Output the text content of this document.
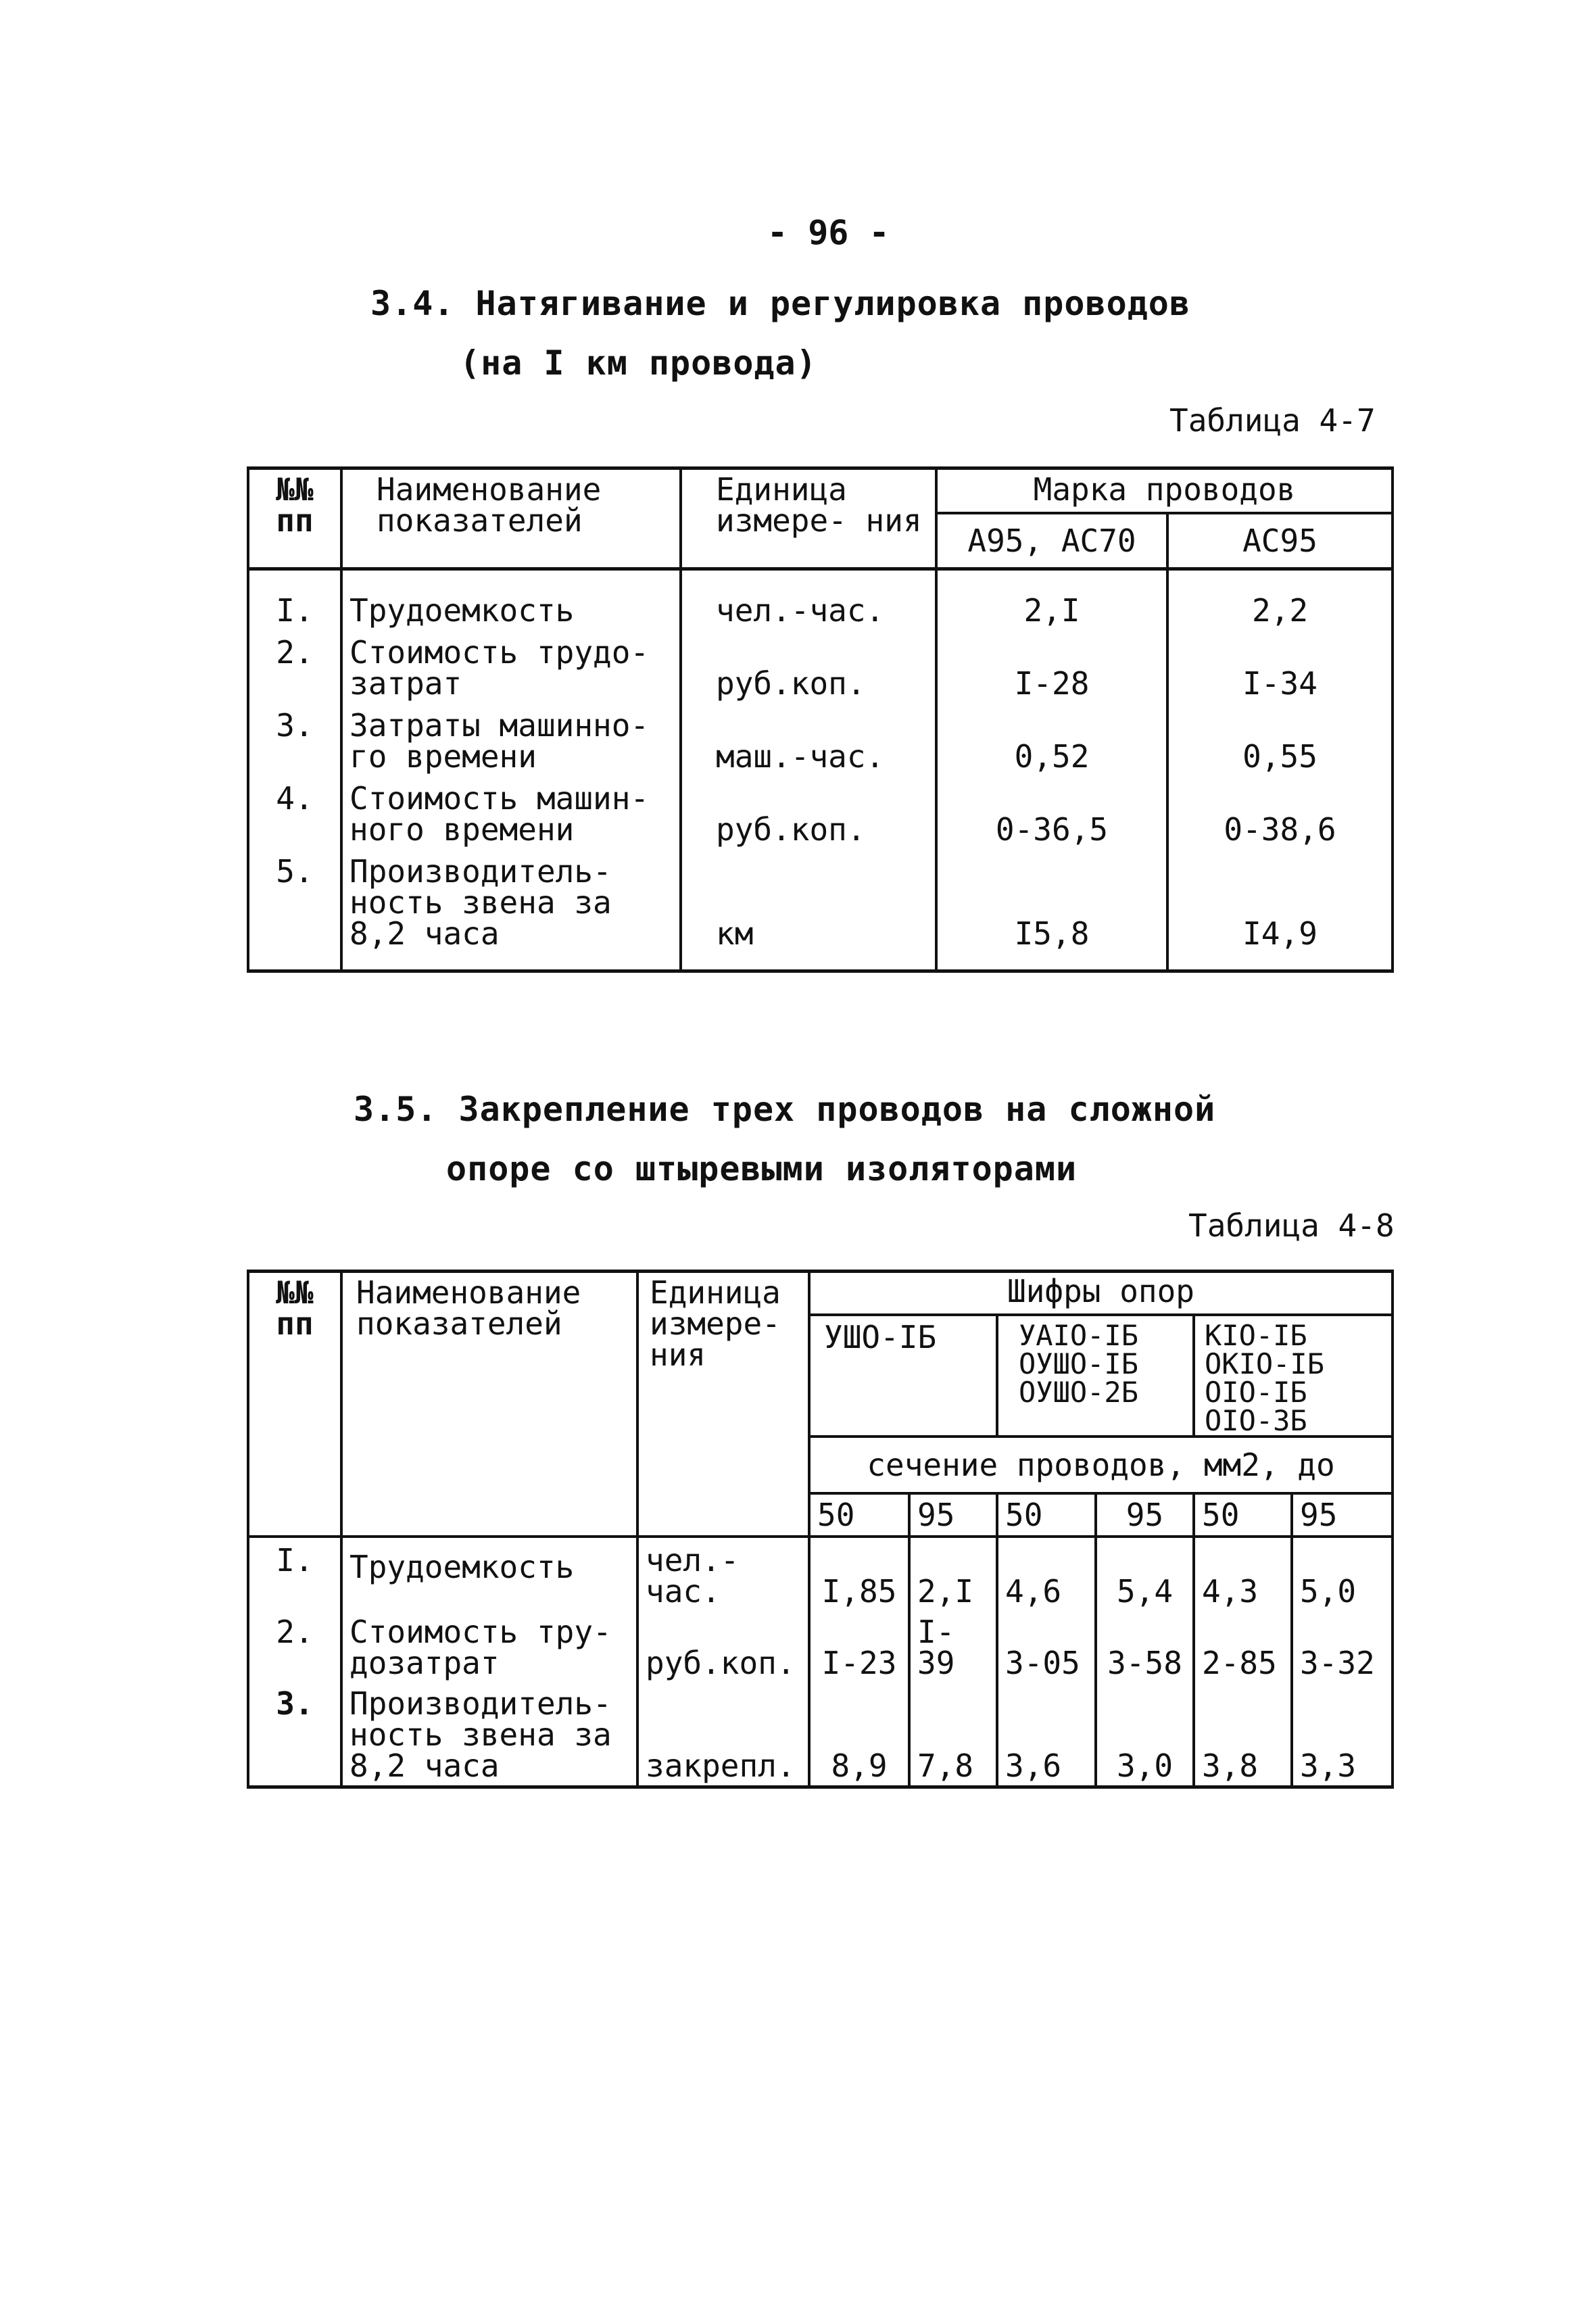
- 96 -
3.4. Натягивание и регулировка проводов
(на I км провода)
Таблица 4-7
№№ пп	Наименование показателей	Единица измере- ния	Марка проводов	
			А95, АС70	АС95

I.	Трудоемкость	чел.-час.	2,I	2,2
2.	Стоимость трудо- затрат	руб.коп.	I-28	I-34
3.	Затраты машинно- го времени	маш.-час.	0,52	0,55
4.	Стоимость машин- ного времени	руб.коп.	0-36,5	0-38,6
5.	Производитель- ность звена за 8,2 часа	км	I5,8	I4,9
3.5. Закрепление трех проводов на сложной
опоре со штыревыми изоляторами
Таблица 4-8
№№ пп	Наименование показателей	Единица измере- ния	Шифры опор					
			УШО-IБ		УАIО-IБ ОУШО-IБ ОУШО-2Б		КIО-IБ ОКIО-IБ ОIО-IБ ОIО-3Б	
			сечение проводов, мм2, до					
			50	95	50	95	50	95
I.	Трудоемкость	чел.-час.	I,85	2,I	4,6	5,4	4,3	5,0
2.	Стоимость тру- дозатрат	руб.коп.	I-23	I-39	3-05	3-58	2-85	3-32
3.	Производитель- ность звена за 8,2 часа	закрепл.	8,9	7,8	3,6	3,0	3,8	3,3
